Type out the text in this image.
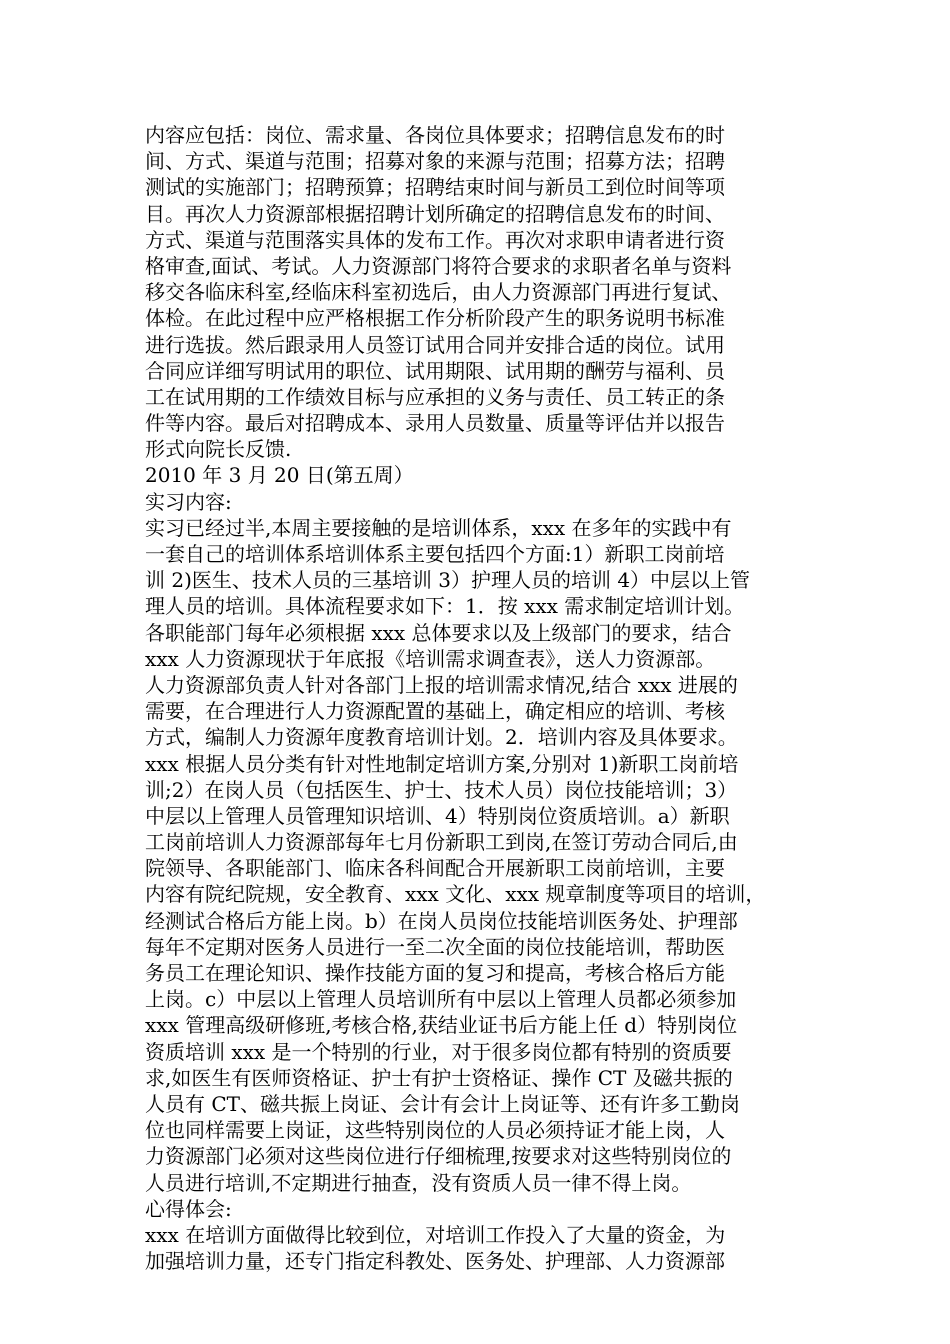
内容应包括：岗位、需求量、各岗位具体要求；招聘信息发布的时
间、方式、渠道与范围；招募对象的来源与范围；招募方法；招聘
测试的实施部门；招聘预算；招聘结束时间与新员工到位时间等项
目。再次人力资源部根据招聘计划所确定的招聘信息发布的时间、
方式、渠道与范围落实具体的发布工作。再次对求职申请者进行资
格审查,面试、考试。人力资源部门将符合要求的求职者名单与资料
移交各临床科室,经临床科室初选后，由人力资源部门再进行复试、
体检。在此过程中应严格根据工作分析阶段产生的职务说明书标准
进行选拔。然后跟录用人员签订试用合同并安排合适的岗位。试用
合同应详细写明试用的职位、试用期限、试用期的酬劳与福利、员
工在试用期的工作绩效目标与应承担的义务与责任、员工转正的条
件等内容。最后对招聘成本、录用人员数量、质量等评估并以报告
形式向院长反馈.
2010 年 3 月 20 日(第五周）
实习内容:
实习已经过半,本周主要接触的是培训体系，xxx 在多年的实践中有
一套自己的培训体系培训体系主要包括四个方面:1）新职工岗前培
训 2)医生、技术人员的三基培训 3）护理人员的培训 4）中层以上管
理人员的培训。具体流程要求如下：1．按 xxx 需求制定培训计划。
各职能部门每年必须根据 xxx 总体要求以及上级部门的要求，结合
xxx 人力资源现状于年底报《培训需求调查表》，送人力资源部。
人力资源部负责人针对各部门上报的培训需求情况,结合 xxx 进展的
需要，在合理进行人力资源配置的基础上，确定相应的培训、考核
方式，编制人力资源年度教育培训计划。2．培训内容及具体要求。
xxx 根据人员分类有针对性地制定培训方案,分别对 1)新职工岗前培
训;2）在岗人员（包括医生、护士、技术人员）岗位技能培训；3）
中层以上管理人员管理知识培训、4）特别岗位资质培训。a）新职
工岗前培训人力资源部每年七月份新职工到岗,在签订劳动合同后,由
院领导、各职能部门、临床各科间配合开展新职工岗前培训，主要
内容有院纪院规，安全教育、xxx 文化、xxx 规章制度等项目的培训，
经测试合格后方能上岗。b）在岗人员岗位技能培训医务处、护理部
每年不定期对医务人员进行一至二次全面的岗位技能培训，帮助医
务员工在理论知识、操作技能方面的复习和提高，考核合格后方能
上岗。c）中层以上管理人员培训所有中层以上管理人员都必须参加
xxx 管理高级研修班,考核合格,获结业证书后方能上任 d）特别岗位
资质培训 xxx 是一个特别的行业，对于很多岗位都有特别的资质要
求,如医生有医师资格证、护士有护士资格证、操作 CT 及磁共振的
人员有 CT、磁共振上岗证、会计有会计上岗证等、还有许多工勤岗
位也同样需要上岗证，这些特别岗位的人员必须持证才能上岗，人
力资源部门必须对这些岗位进行仔细梳理,按要求对这些特别岗位的
人员进行培训,不定期进行抽查，没有资质人员一律不得上岗。
心得体会:
xxx 在培训方面做得比较到位，对培训工作投入了大量的资金，为
加强培训力量，还专门指定科教处、医务处、护理部、人力资源部
